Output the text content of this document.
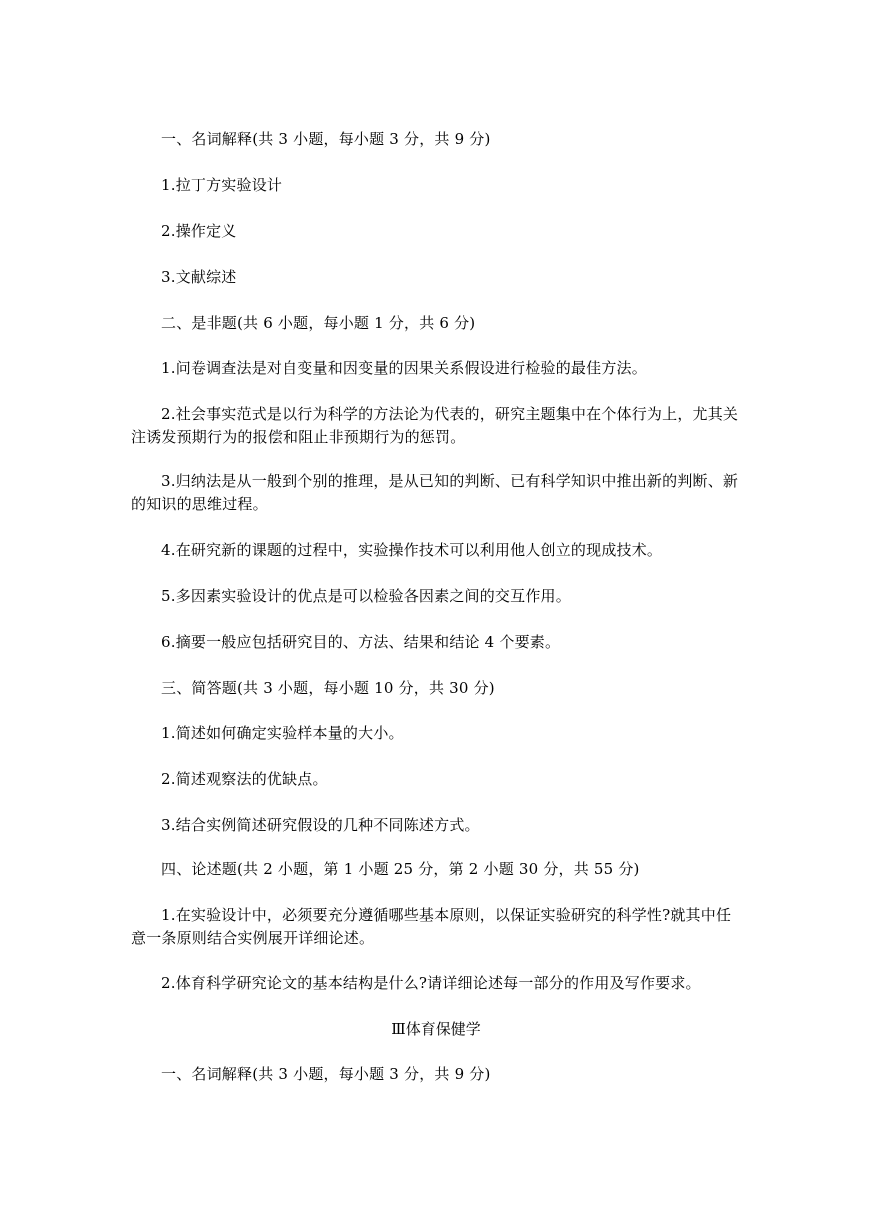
一、名词解释(共 3 小题，每小题 3 分，共 9 分)

1.拉丁方实验设计

2.操作定义

3.文献综述

二、是非题(共 6 小题，每小题 1 分，共 6 分)

1.问卷调查法是对自变量和因变量的因果关系假设进行检验的最佳方法。

2.社会事实范式是以行为科学的方法论为代表的，研究主题集中在个体行为上，尤其关注诱发预期行为的报偿和阻止非预期行为的惩罚。

3.归纳法是从一般到个别的推理，是从已知的判断、已有科学知识中推出新的判断、新的知识的思维过程。

4.在研究新的课题的过程中，实验操作技术可以利用他人创立的现成技术。

5.多因素实验设计的优点是可以检验各因素之间的交互作用。

6.摘要一般应包括研究目的、方法、结果和结论 4 个要素。

三、简答题(共 3 小题，每小题 10 分，共 30 分)

1.简述如何确定实验样本量的大小。

2.简述观察法的优缺点。

3.结合实例简述研究假设的几种不同陈述方式。

四、论述题(共 2 小题，第 1 小题 25 分，第 2 小题 30 分，共 55 分)

1.在实验设计中，必须要充分遵循哪些基本原则，以保证实验研究的科学性?就其中任意一条原则结合实例展开详细论述。

2.体育科学研究论文的基本结构是什么?请详细论述每一部分的作用及写作要求。

Ⅲ体育保健学

一、名词解释(共 3 小题，每小题 3 分，共 9 分)
